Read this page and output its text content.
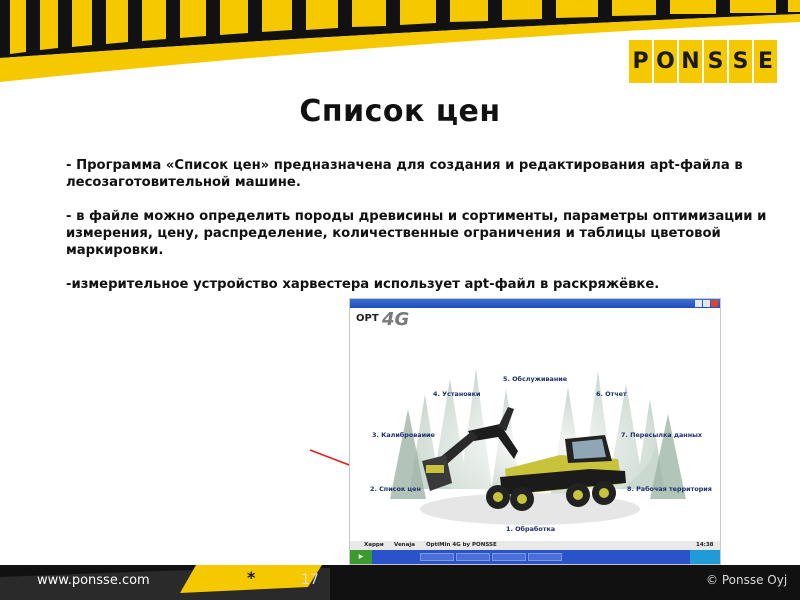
P O N S S E
Список цен

- Программа «Список цен» предназначена для создания и редактирования apt-файла в лесозаготовительной машине.

- в файле можно определить породы древисины и сортименты, параметры оптимизации и измерения, цену, распределение, количественные ограничения и таблицы цветовой маркировки.

-измерительное устройство харвестера использует apt-файл в раскряжёвке.

OPT 4G
5. Обслуживание
4. Установки	6. Отчет
3. Калиброваиие	7. Пересылка данных
2. Список цен	8. Рабочая территория
1. Обработка
Харри Venaja OptiMin 4G by PONSSE	14:38
▶
www.ponsse.com	*	17	© Ponsse Oyj
